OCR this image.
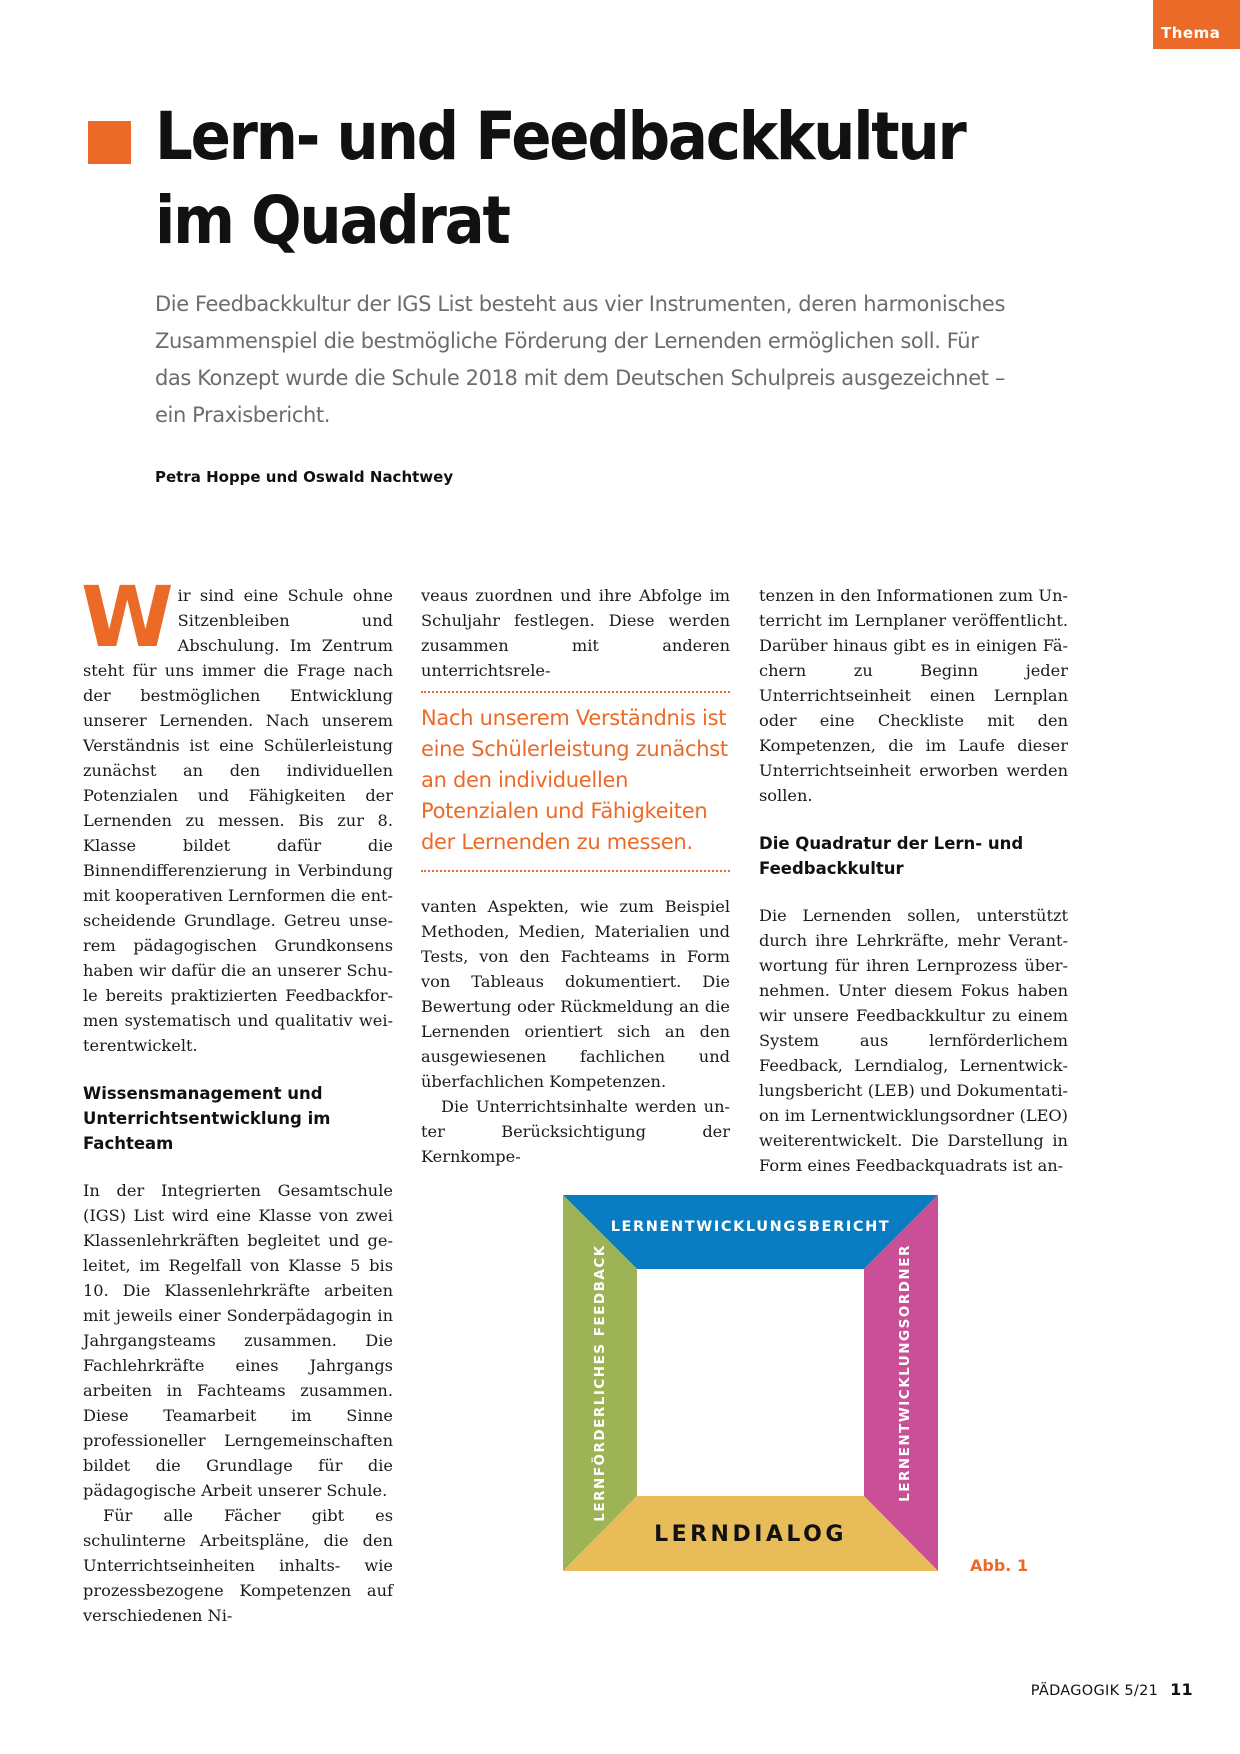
Thema
Lern- und Feedbackkultur
im Quadrat

Die Feedbackkultur der IGS List besteht aus vier Instrumenten, deren harmonisches Zusammenspiel die bestmögliche Förderung der Lernenden ermöglichen soll. Für das Konzept wurde die Schule 2018 mit dem Deutschen Schulpreis ausgezeichnet – ein Praxisbericht.

Petra Hoppe und Oswald Nachtwey

Wir sind eine Schule ohne Sitzenbleiben und Abschulung. Im Zentrum steht für uns immer die Frage nach der bestmöglichen Entwicklung unserer Lernenden. Nach unserem Verständnis ist eine Schülerleistung zunächst an den individuellen Potenzialen und Fähigkeiten der Lernenden zu messen. Bis zur 8. Klasse bildet dafür die Binnendifferenzierung in Verbindung mit kooperativen Lernformen die entscheidende Grundlage. Getreu unserem pädagogischen Grundkonsens haben wir dafür die an unserer Schule bereits praktizierten Feedbackformen systematisch und qualitativ weiterentwickelt.

Wissensmanagement und Unterrichtsentwicklung im Fachteam

In der Integrierten Gesamtschule (IGS) List wird eine Klasse von zwei Klassenlehrkräften begleitet und geleitet, im Regelfall von Klasse 5 bis 10. Die Klassenlehrkräfte arbeiten mit jeweils einer Sonderpädagogin in Jahrgangsteams zusammen. Die Fachlehrkräfte eines Jahrgangs arbeiten in Fachteams zusammen. Diese Teamarbeit im Sinne professioneller Lerngemeinschaften bildet die Grundlage für die pädagogische Arbeit unserer Schule.

Für alle Fächer gibt es schulinterne Arbeitspläne, die den Unterrichtseinheiten inhalts- wie prozessbezogene Kompetenzen auf verschiedenen Ni-

veaus zuordnen und ihre Abfolge im Schuljahr festlegen. Diese werden zusammen mit anderen unterrichtsrele-

Nach unserem Verständnis ist eine Schülerleistung zunächst an den individuellen Potenzialen und Fähigkeiten der Lernenden zu messen.

vanten Aspekten, wie zum Beispiel Methoden, Medien, Materialien und Tests, von den Fachteams in Form von Tableaus dokumentiert. Die Bewertung oder Rückmeldung an die Lernenden orientiert sich an den ausgewiesenen fachlichen und überfachlichen Kompetenzen.

Die Unterrichtsinhalte werden unter Berücksichtigung der Kernkompe-

tenzen in den Informationen zum Unterricht im Lernplaner veröffentlicht. Darüber hinaus gibt es in einigen Fächern zu Beginn jeder Unterrichtseinheit einen Lernplan oder eine Checkliste mit den Kompetenzen, die im Laufe dieser Unterrichtseinheit erworben werden sollen.

Die Quadratur der Lern- und Feedbackkultur

Die Lernenden sollen, unterstützt durch ihre Lehrkräfte, mehr Verantwortung für ihren Lernprozess übernehmen. Unter diesem Fokus haben wir unsere Feedbackkultur zu einem System aus lernförderlichem Feedback, Lerndialog, Lernentwicklungsbericht (LEB) und Dokumentation im Lernentwicklungsordner (LEO) weiterentwickelt. Die Darstellung in Form eines Feedbackquadrats ist an-

LERNENTWICKLUNGSBERICHT
LERNFÖRDERLICHES FEEDBACK	LERNENTWICKLUNGSORDNER
LERNDIALOG
Abb. 1
PÄDAGOGIK 5/21 11
